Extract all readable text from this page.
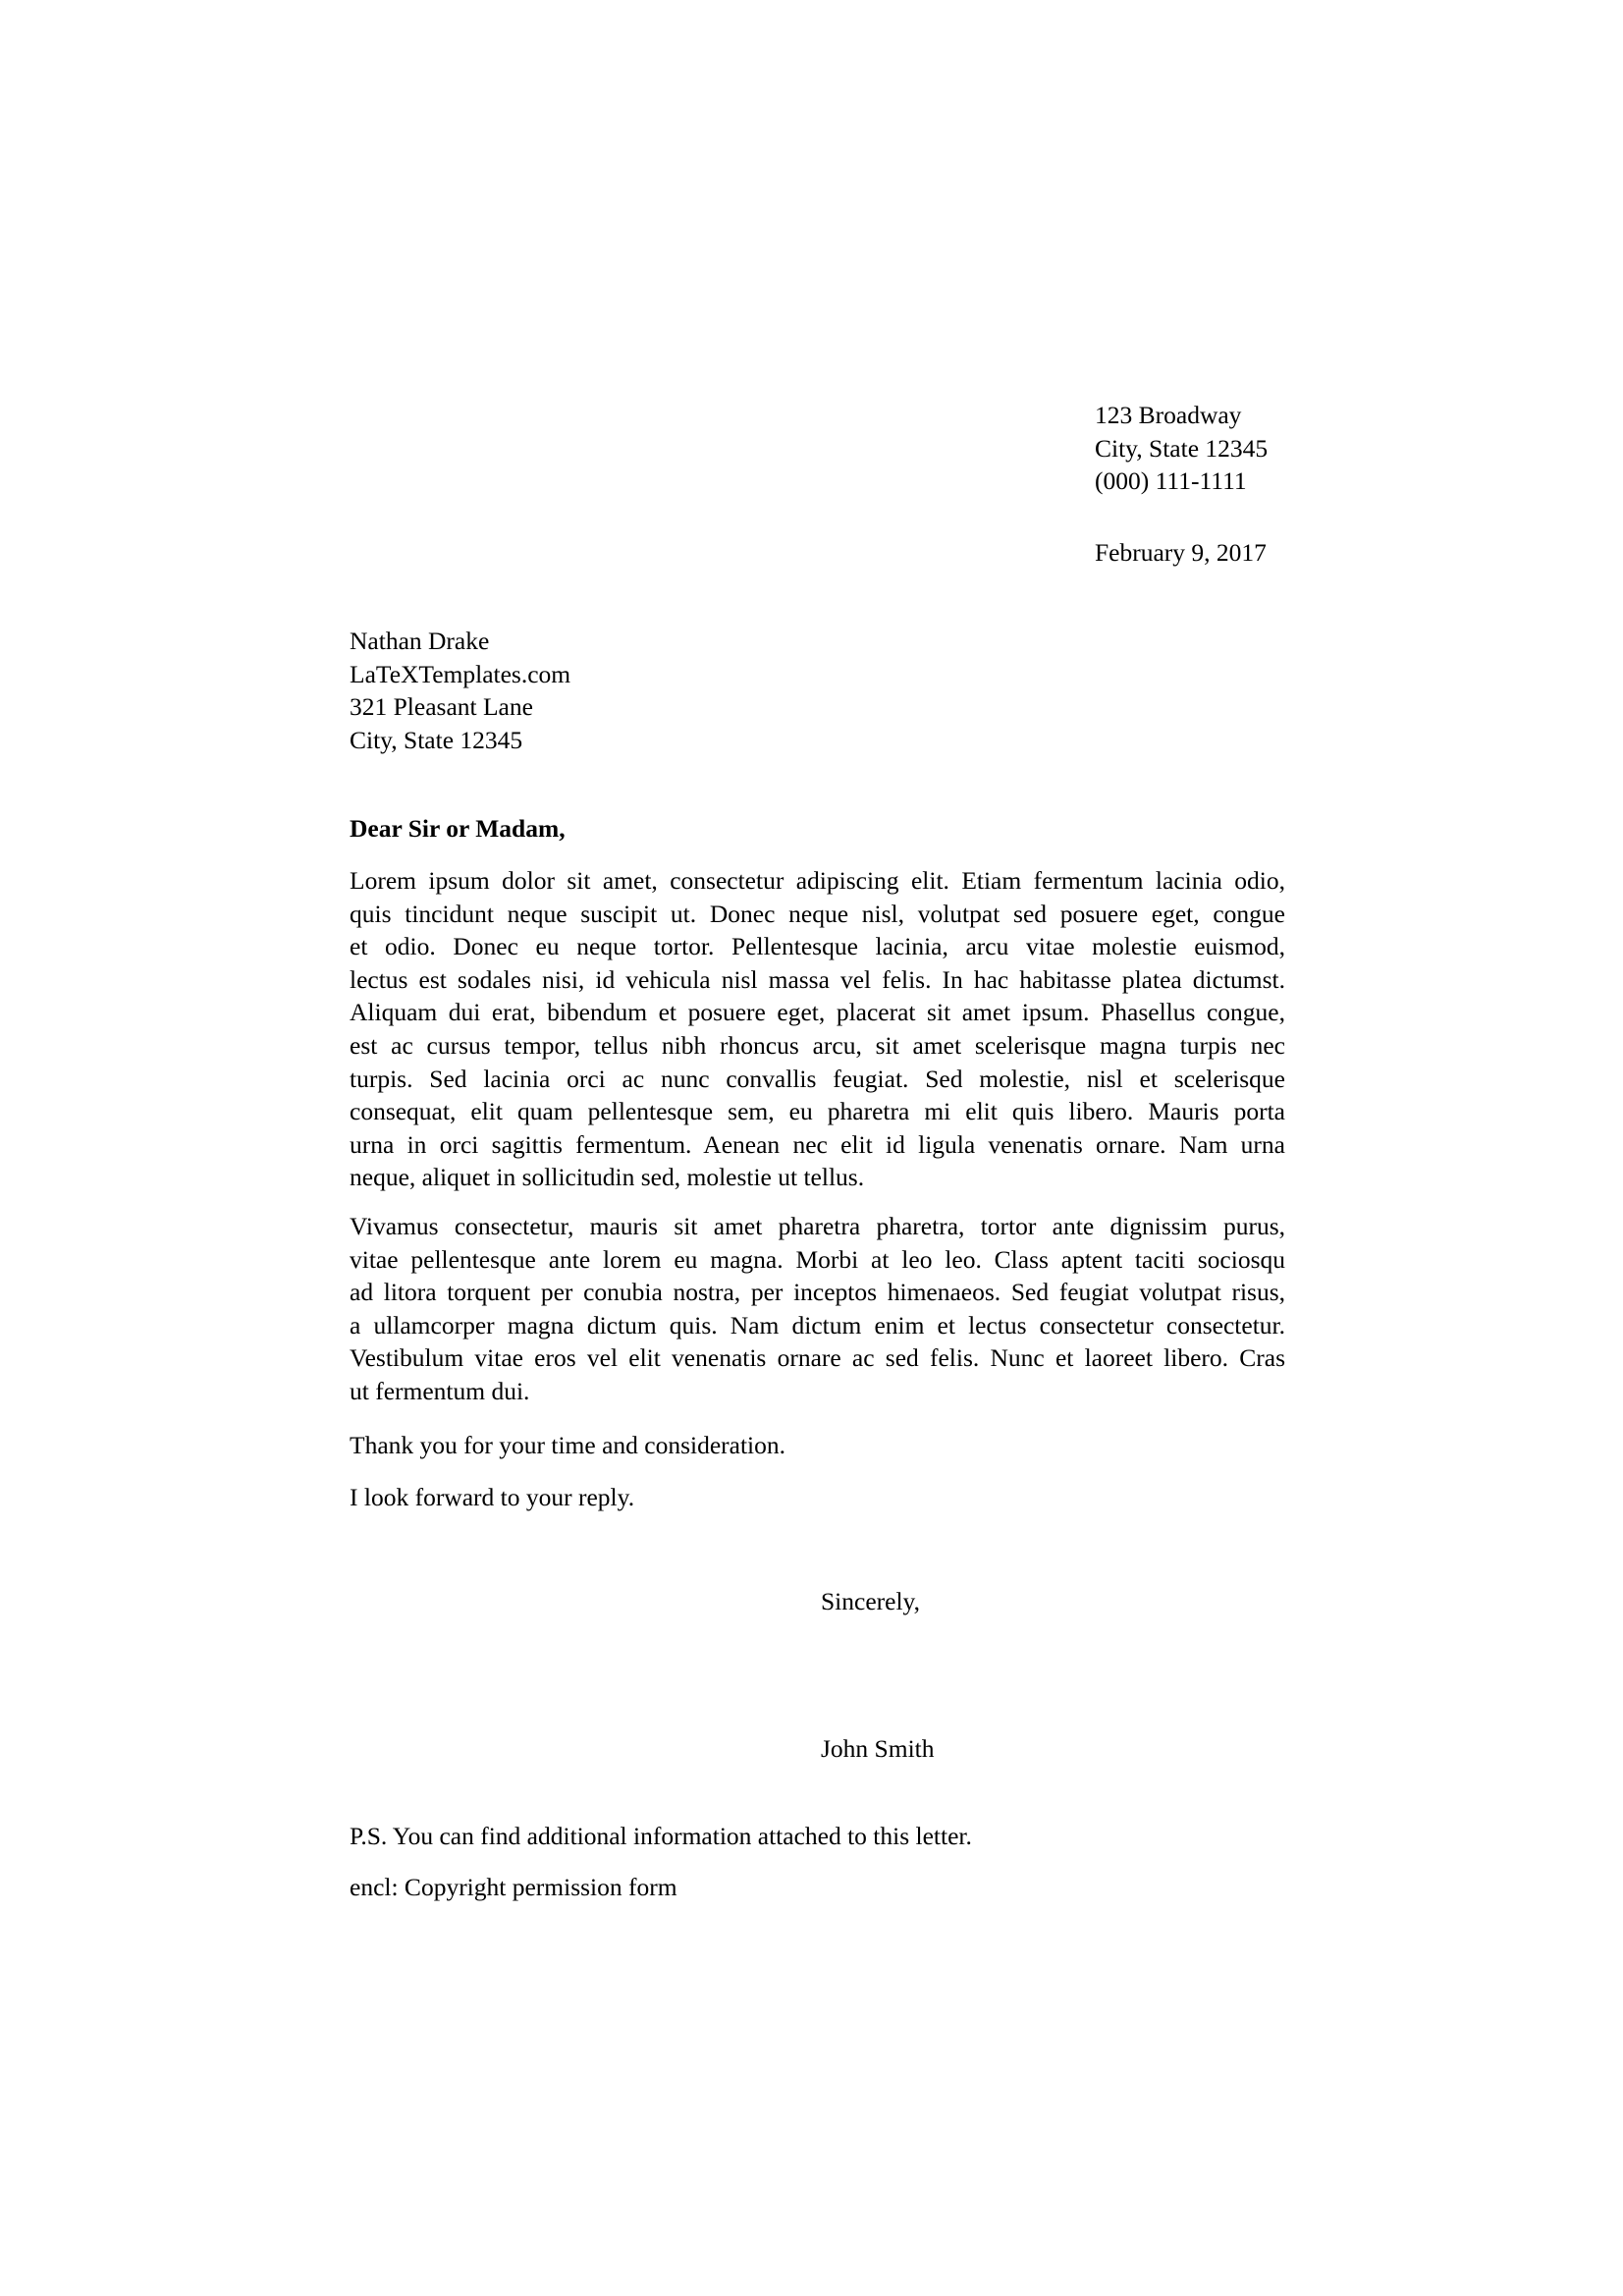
123 Broadway
City, State 12345
(000) 111-1111
February 9, 2017
Nathan Drake
LaTeXTemplates.com
321 Pleasant Lane
City, State 12345
Dear Sir or Madam,
Lorem ipsum dolor sit amet, consectetur adipiscing elit. Etiam fermentum lacinia odio,
quis tincidunt neque suscipit ut. Donec neque nisl, volutpat sed posuere eget, congue
et odio. Donec eu neque tortor. Pellentesque lacinia, arcu vitae molestie euismod,
lectus est sodales nisi, id vehicula nisl massa vel felis. In hac habitasse platea dictumst.
Aliquam dui erat, bibendum et posuere eget, placerat sit amet ipsum. Phasellus congue,
est ac cursus tempor, tellus nibh rhoncus arcu, sit amet scelerisque magna turpis nec
turpis. Sed lacinia orci ac nunc convallis feugiat. Sed molestie, nisl et scelerisque
consequat, elit quam pellentesque sem, eu pharetra mi elit quis libero. Mauris porta
urna in orci sagittis fermentum. Aenean nec elit id ligula venenatis ornare. Nam urna
neque, aliquet in sollicitudin sed, molestie ut tellus.
Vivamus consectetur, mauris sit amet pharetra pharetra, tortor ante dignissim purus,
vitae pellentesque ante lorem eu magna. Morbi at leo leo. Class aptent taciti sociosqu
ad litora torquent per conubia nostra, per inceptos himenaeos. Sed feugiat volutpat risus,
a ullamcorper magna dictum quis. Nam dictum enim et lectus consectetur consectetur.
Vestibulum vitae eros vel elit venenatis ornare ac sed felis. Nunc et laoreet libero. Cras
ut fermentum dui.
Thank you for your time and consideration.
I look forward to your reply.
Sincerely,
John Smith
P.S. You can find additional information attached to this letter.
encl: Copyright permission form
